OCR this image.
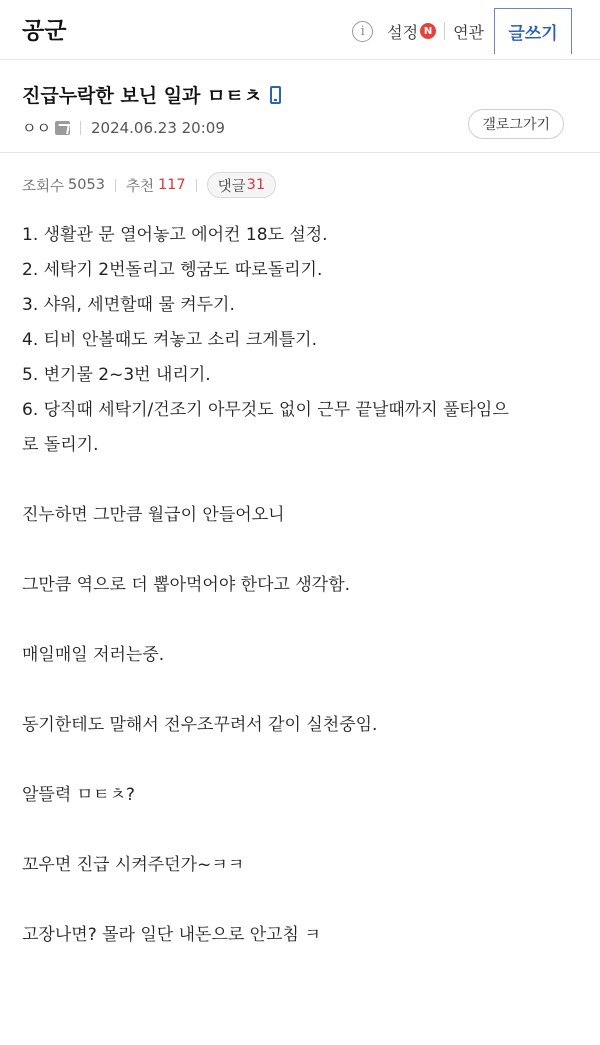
공군	i	설정 N 연관	글쓰기
진급누락한 보닌 일과 ㅁㅌㅊ
ㅇㅇ	2024.06.23 20:09	갤로그가기
조회수 5053 추천 117 댓글 31
1. 생활관 문 열어놓고 에어컨 18도 설정.
2. 세탁기 2번돌리고 헹굼도 따로돌리기.
3. 샤워, 세면할때 물 켜두기.
4. 티비 안볼때도 켜놓고 소리 크게틀기.
5. 변기물 2~3번 내리기.
6. 당직때 세탁기/건조기 아무것도 없이 근무 끝날때까지 풀타임으
로 돌리기.
진누하면 그만큼 월급이 안들어오니
그만큼 역으로 더 뽑아먹어야 한다고 생각함.
매일매일 저러는중.
동기한테도 말해서 전우조꾸려서 같이 실천중임.
알뜰력 ㅁㅌㅊ?
꼬우면 진급 시켜주던가~ㅋㅋ
고장나면? 몰라 일단 내돈으로 안고침 ㅋ
